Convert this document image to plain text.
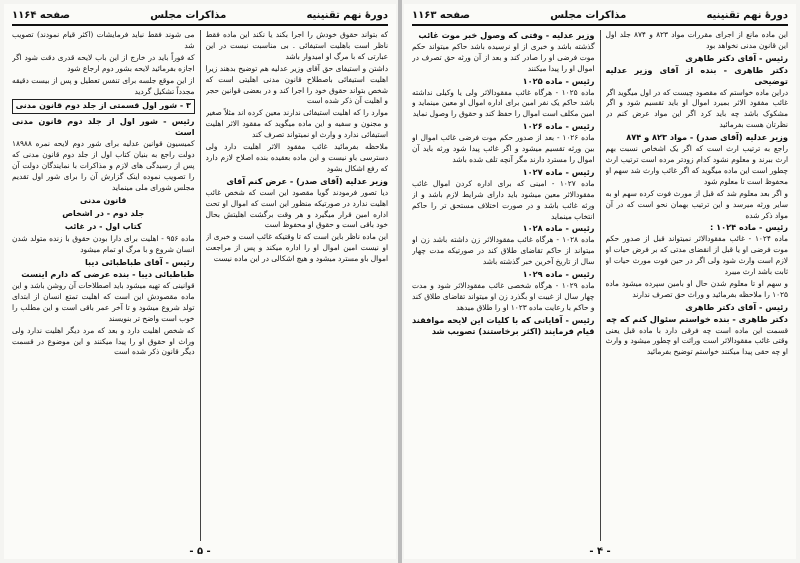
دورهٔ نهم تقنینیه
مذاکرات مجلس
صفحه ۱۱۶۴

که بتواند حقوق خودش را اجرا بکند یا نکند این ماده فقط ناظر است باهلیت استیفائی . بی مناسبت نیست در این عبارتی که با مرگ او امیدوار باشد

داشتن و استیفای حق آقای وزیر عدلیه هم توضیح بدهند زیرا اهلیت استیفائی باصطلاح قانون مدنی اهلیتی است که شخص بتواند حقوق خود را اجرا کند و در بعضی قوانین حجر و اهلیت آن ذکر شده است

موارد را که اهلیت استیفائی ندارند معین کرده اند مثلاً صغیر و مجنون و سفیه و این ماده میگوید که مفقود الاثر اهلیت استیفائی ندارد و وارث او نمیتواند تصرف کند

ملاحظه بفرمائید غائب مفقود الاثر اهلیت دارد ولی دسترسی باو نیست و این ماده بعقیده بنده اصلاح لازم دارد که رفع اشکال بشود

وزیر عدلیه (آقای صدر) - عرض کنم آقای

دیا تصور فرمودند گویا مقصود این است که شخص غائب اهلیت ندارد در صورتیکه منظور این است که اموال او تحت اداره امین قرار میگیرد و هر وقت برگشت اهلیتش بحال خود باقی است و حقوق او محفوظ است

این ماده ناظر باین است که تا وقتیکه غائب است و خبری از او نیست امین اموال او را اداره میکند و پس از مراجعت اموال باو مسترد میشود و هیچ اشکالی در این ماده نیست

می شوند فقط نباید فرمایشات (اکثر قیام نمودند) تصویب شد

که فوراً باید در خارج از این باب لایحه قدری دقت شود اگر اجازه بفرمائید لایحه بشور دوم ارجاع شود

از این موقع جلسه برای تنفس تعطیل و پس از بیست دقیقه مجدداً تشکیل گردید

۳ - شور اول قسمتی از جلد دوم قانون مدنی

رئیس - شور اول از جلد دوم قانون مدنی است

کمیسیون قوانین عدلیه برای شور دوم لایحه نمره ۱۸۹۸۸ دولت راجع به بنیان کتاب اول از جلد دوم قانون مدنی که پس از رسیدگی های لازم و مذاکرات با نمایندگان دولت آن را تصویب نموده اینک گزارش آن را برای شور اول تقدیم مجلس شورای ملی مینماید

قانون مدنی
جلد دوم - در اشخاص
کتاب اول - در غائب

ماده ۹۵۶ - اهلیت برای دارا بودن حقوق با زنده متولد شدن انسان شروع و با مرگ او تمام میشود

رئیس - آقای طباطبائی دیبا

طباطبائی دیبا - بنده عرضی که دارم اینست

قوانینی که تهیه میشود باید اصطلاحات آن روشن باشد و این ماده مقصودش این است که اهلیت تمتع انسان از ابتدای تولد شروع میشود و تا آخر عمر باقی است و این مطلب را خوب است واضح تر بنویسند

که شخص اهلیت دارد و بعد که مرد دیگر اهلیت ندارد ولی وراث او حقوق او را پیدا میکنند و این موضوع در قسمت دیگر قانون ذکر شده است

- ۵ -
دورهٔ نهم تقنینیه
مذاکرات مجلس
صفحه ۱۱۶۳

این ماده مانع از اجرای مقررات مواد ۸۲۳ و ۸۷۴ جلد اول این قانون مدنی نخواهد بود

رئیس - آقای دکتر طاهری

دکتر طاهری - بنده از آقای وزیر عدلیه توضیحی

دراین ماده خواستم که مقصود چیست که در اول میگوید اگر غائب مفقود الاثر بمیرد اموال او باید تقسیم شود و اگر مشکوک باشد چه باید کرد اگر این مواد عرض کنم در نظرتان هست بفرمائید

وزیر عدلیه (آقای صدر) - مواد ۸۲۳ و ۸۷۴

راجع به ترتیب ارث است که اگر یک اشخاص نسبت بهم ارث ببرند و معلوم نشود کدام زودتر مرده است ترتیب ارث چطور است این ماده میگوید که اگر غائب وارث شد سهم او محفوظ است تا معلوم شود

و اگر بعد معلوم شد که قبل از مورث فوت کرده سهم او به سایر ورثه میرسد و این ترتیب بهمان نحو است که در آن مواد ذکر شده

رئیس - ماده ۱۰۲۴ :

ماده ۱۰۲۴ - غائب مفقودالاثر نمیتواند قبل از صدور حکم موت فرضی او یا قبل از انقضای مدتی که بر فرض حیات او لازم است وارث شود ولی اگر در حین فوت مورث حیات او ثابت باشد ارث میبرد

و سهم او تا معلوم شدن حال او بامین سپرده میشود ماده ۱۰۲۵ را ملاحظه بفرمائید و وراث حق تصرف ندارند

رئیس - آقای دکتر طاهری

دکتر طاهری - بنده خواستم سئوال کنم که چه

قسمت این ماده است چه فرقی دارد با ماده قبل یعنی وقتی غائب مفقودالاثر است وراثت او چطور میشود و وارث او چه حقی پیدا میکنند خواستم توضیح بفرمائید

وزیر عدلیه - وقتی که وصول خبر موت غائب

گذشته باشد و خبری از او نرسیده باشد حاکم میتواند حکم موت فرضی او را صادر کند و بعد از آن ورثه حق تصرف در اموال او را پیدا میکنند

رئیس - ماده ۱۰۲۵

ماده ۱۰۲۵ - هرگاه غائب مفقودالاثر ولی یا وکیلی نداشته باشد حاکم یک نفر امین برای اداره اموال او معین مینماید و امین مکلف است اموال را حفظ کند و حقوق را وصول نماید

رئیس - ماده ۱۰۲۶

ماده ۱۰۲۶ - بعد از صدور حکم موت فرضی غائب اموال او بین ورثه تقسیم میشود و اگر غائب پیدا شود ورثه باید آن اموال را مسترد دارند مگر آنچه تلف شده باشد

رئیس - ماده ۱۰۲۷

ماده ۱۰۲۷ - امینی که برای اداره کردن اموال غائب مفقودالاثر معین میشود باید دارای شرایط لازم باشد و از ورثه غائب باشد و در صورت اختلاف مستحق تر را حاکم انتخاب مینماید

رئیس - ماده ۱۰۲۸

ماده ۱۰۲۸ - هرگاه غائب مفقودالاثر زن داشته باشد زن او میتواند از حاکم تقاضای طلاق کند در صورتیکه مدت چهار سال از تاریخ آخرین خبر گذشته باشد

رئیس - ماده ۱۰۲۹

ماده ۱۰۲۹ - هرگاه شخصی غائب مفقودالاثر شود و مدت چهار سال از غیبت او بگذرد زن او میتواند تقاضای طلاق کند و حاکم با رعایت ماده ۱۰۲۳ او را طلاق میدهد

رئیس - آقایانی که با کلیات این لایحه موافقند قیام فرمایند (اکثر برخاستند) تصویب شد

- ۴ -
